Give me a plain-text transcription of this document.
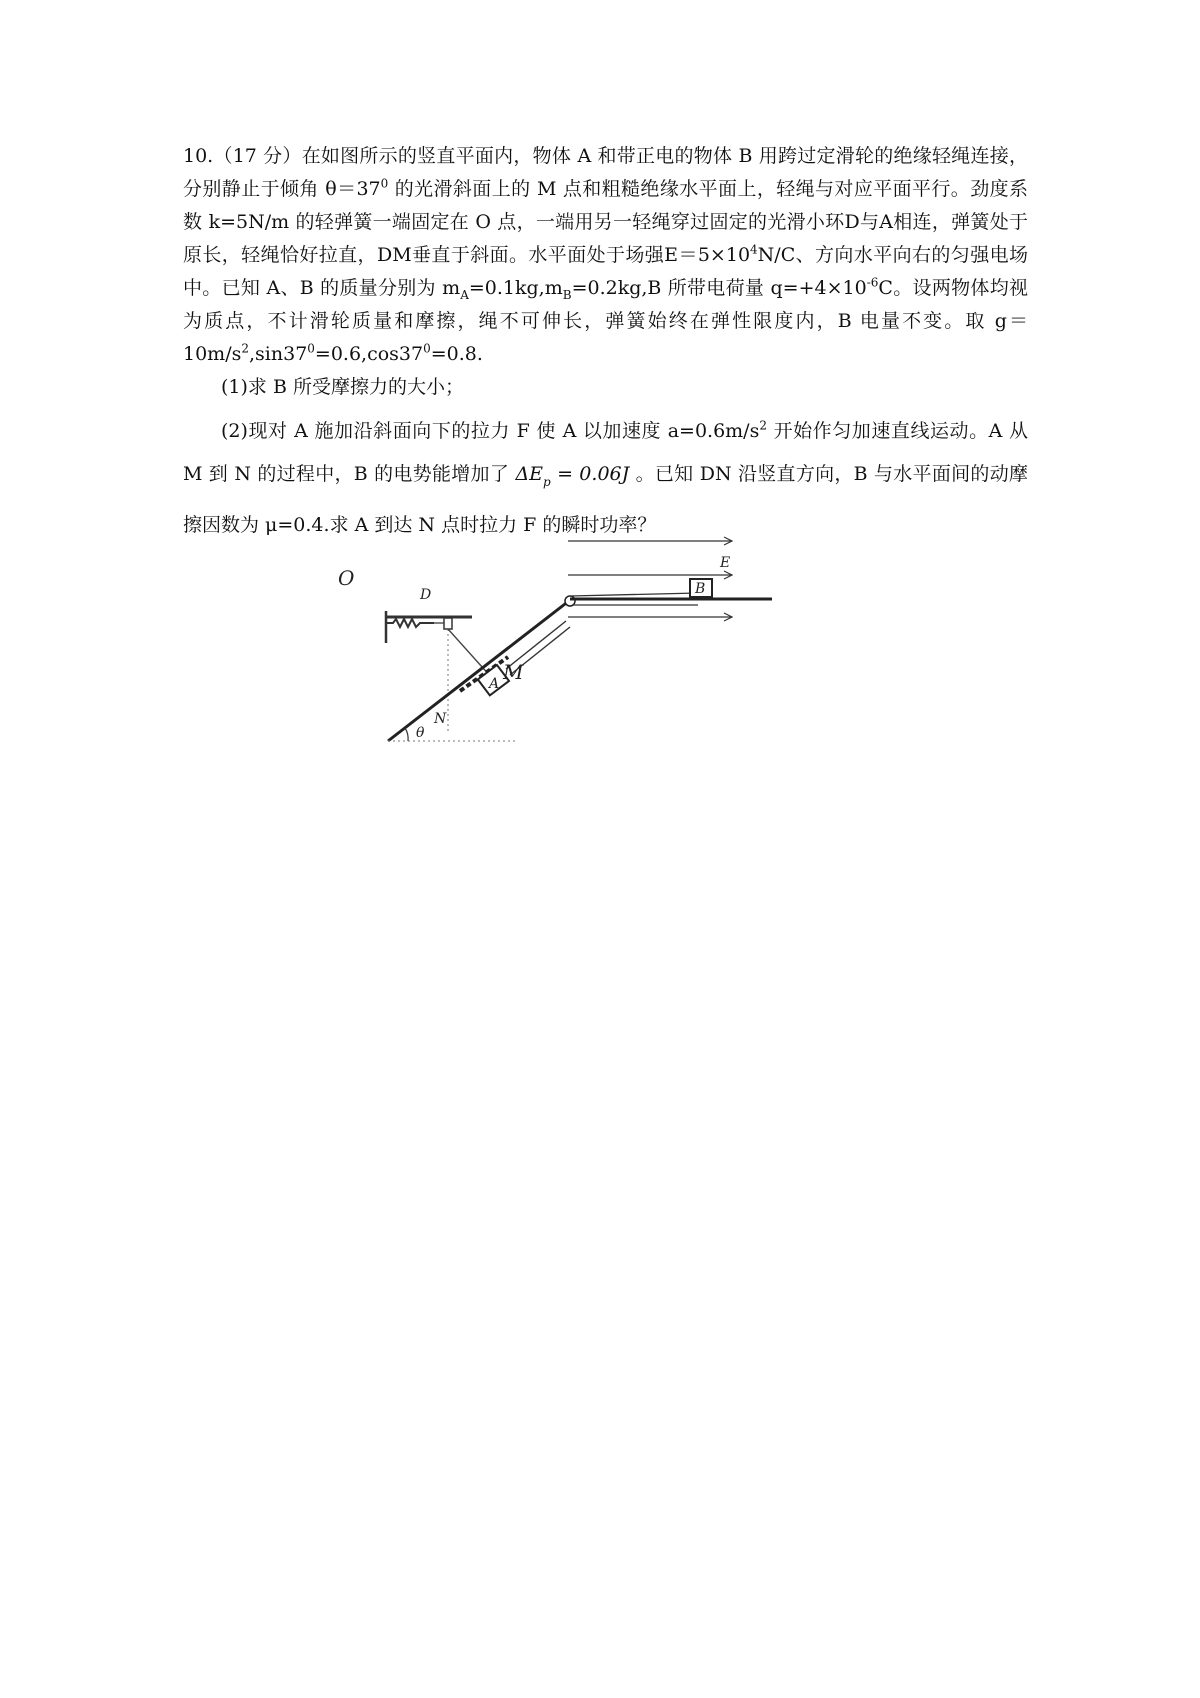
10.（17 分）在如图所示的竖直平面内，物体 A 和带正电的物体 B 用跨过定滑轮的绝缘轻绳连接，分别静止于倾角 $\theta=37^0$ 的光滑斜面上的 M 点和粗糙绝缘水平面上，轻绳与对应平面平行。劲度系数 k=5N/m 的轻弹簧一端固定在 O 点，一端用另一轻绳穿过固定的光滑小环D与A相连，弹簧处于原长，轻绳恰好拉直，DM垂直于斜面。水平面处于场强$E=5\times 10^4N/C$、方向水平向右的匀强电场中。已知 A、B 的质量分别为 $m_A=0.1kg,m_B=0.2kg,B$ 所带电荷量 $q=+4\times 10^{-6}C$。设两物体均视为质点，不计滑轮质量和摩擦，绳不可伸长，弹簧始终在弹性限度内，B 电量不变。取 $g=10m/s^2,\sin 37^0=0.6,\cos 37^0=0.8$.

(1)求 B 所受摩擦力的大小；

(2)现对 A 施加沿斜面向下的拉力 F 使 A 以加速度 $a=0.6m/s^2$ 开始作匀加速直线运动。A 从 M 到 N 的过程中，B 的电势能增加了 $\Delta E_p = 0.06J$ 。已知 DN 沿竖直方向，B 与水平面间的动摩擦因数为 μ=0.4.求 A 到达 N 点时拉力 F 的瞬时功率？

A
B
E
O
D
M
N
θ
